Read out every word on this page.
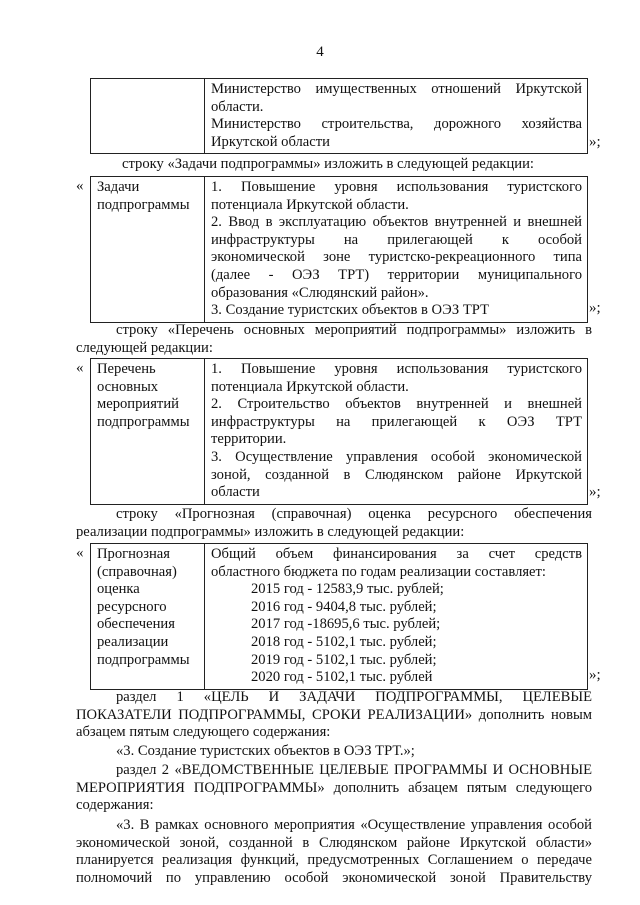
4

Министерство имущественных отношений Иркутской
области.
Министерство строительства, дорожного хозяйства
Иркутской области	»;
строку «Задачи подпрограммы» изложить в следующей редакции:
« Задачи
подпрограммы

1. Повышение уровня использования туристского
потенциала Иркутской области.
2. Ввод в эксплуатацию объектов внутренней и внешней
инфраструктуры на прилегающей к особой
экономической зоне туристско-рекреационного типа
(далее - ОЭЗ ТРТ) территории муниципального
образования «Слюдянский район».
3. Создание туристских объектов в ОЭЗ ТРТ	»;
строку «Перечень основных мероприятий подпрограммы» изложить в
следующей редакции:
« Перечень
основных
мероприятий
подпрограммы

1. Повышение уровня использования туристского
потенциала Иркутской области.
2. Строительство объектов внутренней и внешней
инфраструктуры на прилегающей к ОЭЗ ТРТ
территории.
3. Осуществление управления особой экономической
зоной, созданной в Слюдянском районе Иркутской
области	»;
строку «Прогнозная (справочная) оценка ресурсного обеспечения
реализации подпрограммы» изложить в следующей редакции:
« Прогнозная
(справочная)
оценка
ресурсного
обеспечения
реализации
подпрограммы

Общий объем финансирования за счет средств
областного бюджета по годам реализации составляет:
2015 год - 12583,9 тыс. рублей;
2016 год - 9404,8 тыс. рублей;
2017 год -18695,6 тыс. рублей;
2018 год - 5102,1 тыс. рублей;
2019 год - 5102,1 тыс. рублей;
2020 год - 5102,1 тыс. рублей	»;
раздел 1 «ЦЕЛЬ И ЗАДАЧИ ПОДПРОГРАММЫ, ЦЕЛЕВЫЕ
ПОКАЗАТЕЛИ ПОДПРОГРАММЫ, СРОКИ РЕАЛИЗАЦИИ» дополнить новым
абзацем пятым следующего содержания:
«3. Создание туристских объектов в ОЭЗ ТРТ.»;
раздел 2 «ВЕДОМСТВЕННЫЕ ЦЕЛЕВЫЕ ПРОГРАММЫ И ОСНОВНЫЕ
МЕРОПРИЯТИЯ ПОДПРОГРАММЫ» дополнить абзацем пятым следующего
содержания:
«3. В рамках основного мероприятия «Осуществление управления особой
экономической зоной, созданной в Слюдянском районе Иркутской области»
планируется реализация функций, предусмотренных Соглашением о передаче
полномочий по управлению особой экономической зоной Правительству
